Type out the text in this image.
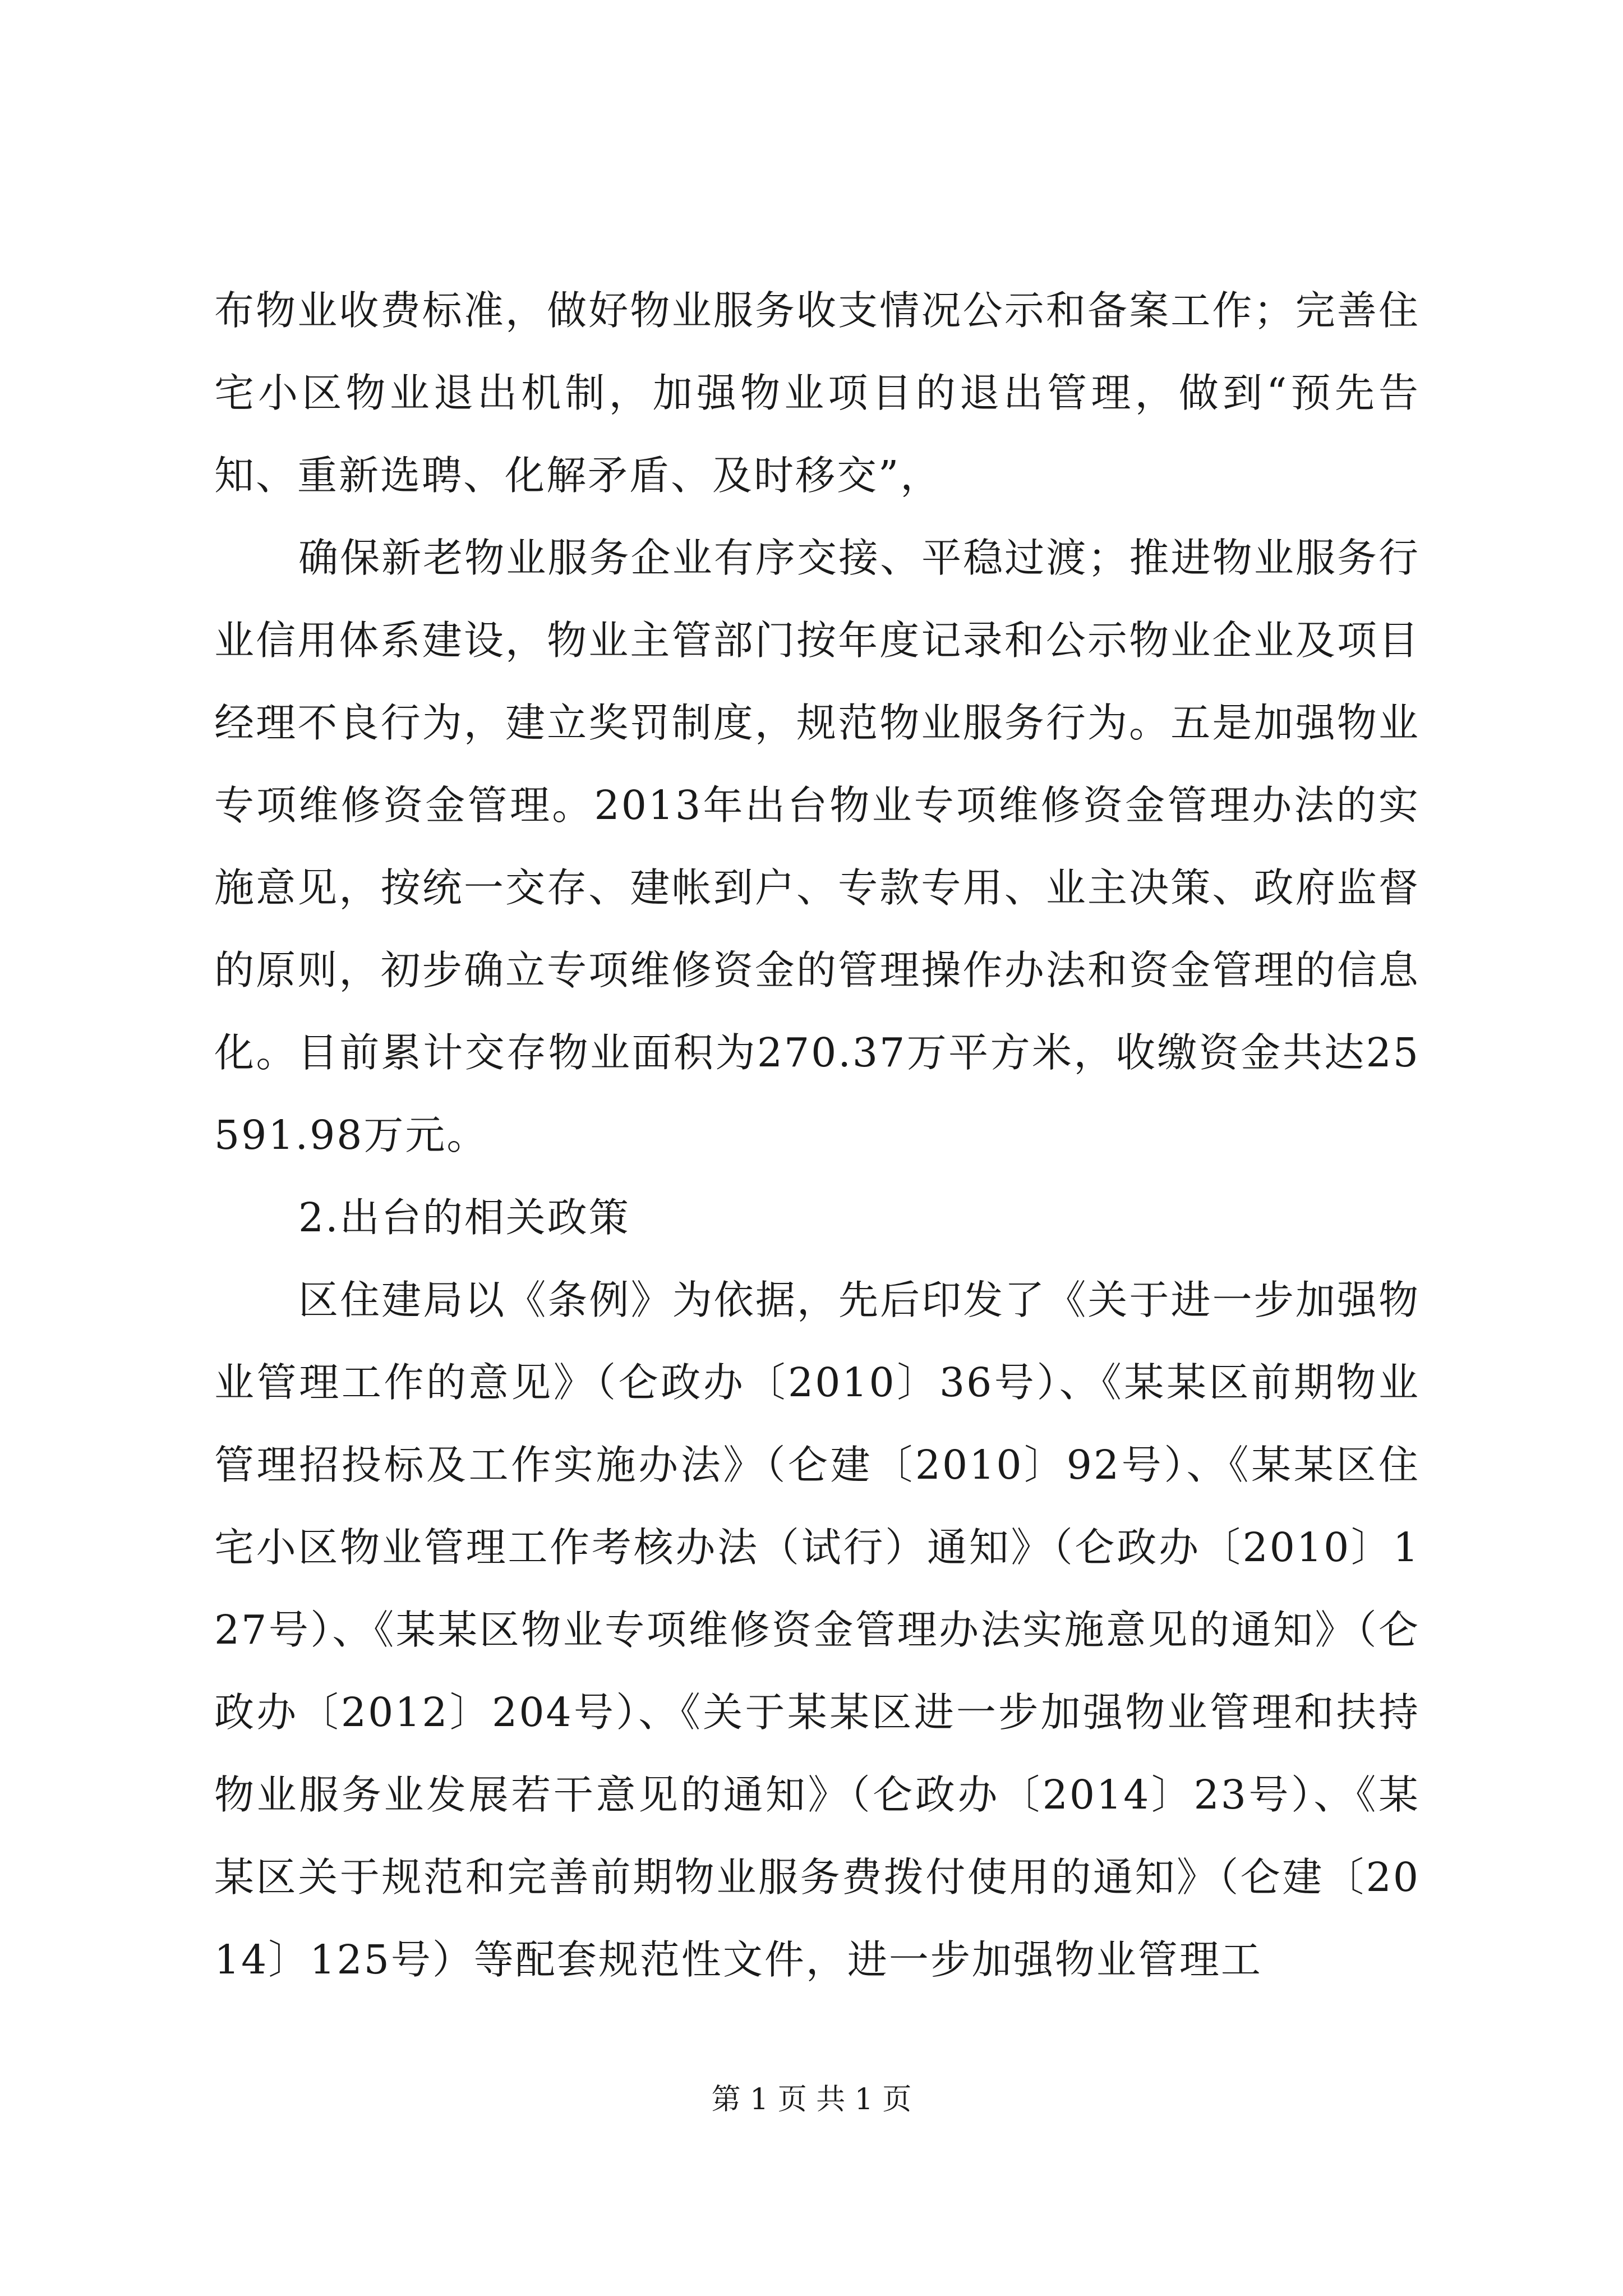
布物业收费标准，做好物业服务收支情况公示和备案工作；完善住宅小区物业退出机制，加强物业项目的退出管理，做到“预先告知、重新选聘、化解矛盾、及时移交”，

确保新老物业服务企业有序交接、平稳过渡；推进物业服务行业信用体系建设，物业主管部门按年度记录和公示物业企业及项目经理不良行为，建立奖罚制度，规范物业服务行为。五是加强物业专项维修资金管理。2013年出台物业专项维修资金管理办法的实施意见，按统一交存、建帐到户、专款专用、业主决策、政府监督的原则，初步确立专项维修资金的管理操作办法和资金管理的信息化。目前累计交存物业面积为270.37万平方米，收缴资金共达25591.98万元。

2.出台的相关政策

区住建局以《条例》为依据，先后印发了《关于进一步加强物业管理工作的意见》（仑政办〔2010〕36号）、《某某区前期物业管理招投标及工作实施办法》（仑建〔2010〕92号）、《某某区住宅小区物业管理工作考核办法（试行）通知》（仑政办〔2010〕127号）、《某某区物业专项维修资金管理办法实施意见的通知》（仑政办〔2012〕204号）、《关于某某区进一步加强物业管理和扶持物业服务业发展若干意见的通知》（仑政办〔2014〕23号）、《某某区关于规范和完善前期物业服务费拨付使用的通知》（仑建〔2014〕125号）等配套规范性文件，进一步加强物业管理工

第 1 页 共 1 页
